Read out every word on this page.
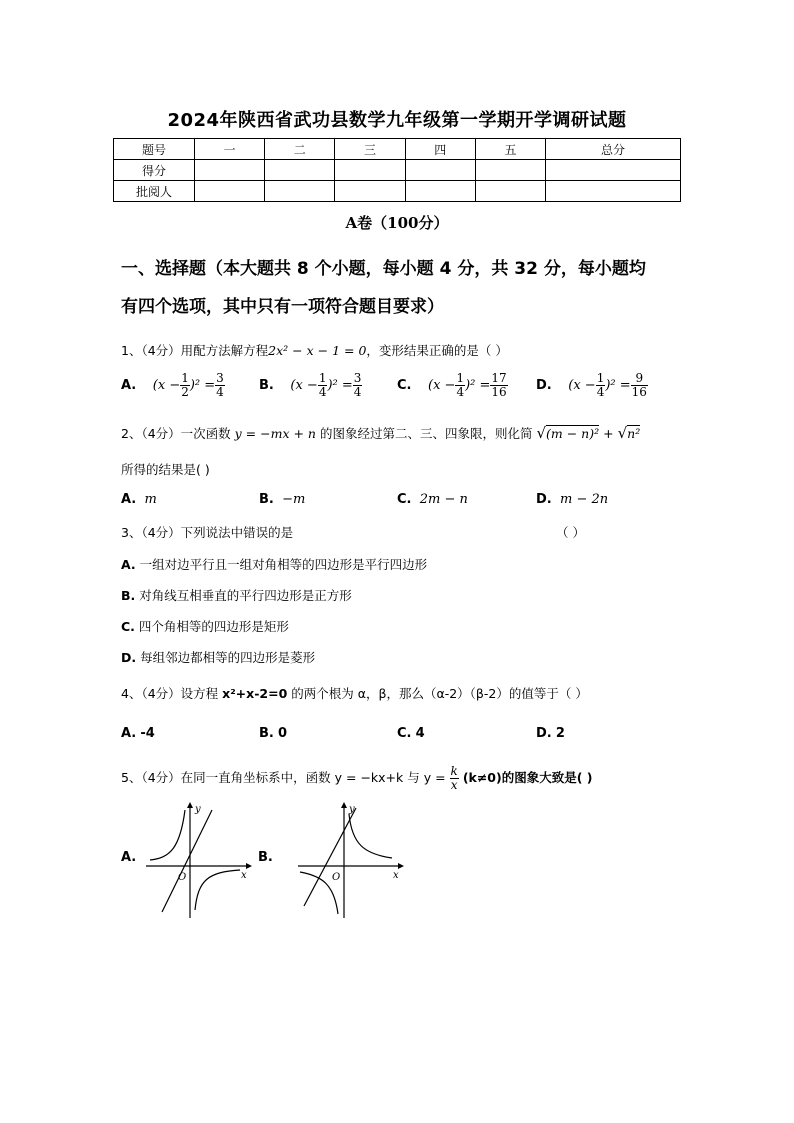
2024年陕西省武功县数学九年级第一学期开学调研试题
题号	一	二	三	四	五	总分
得分						
批阅人						
A卷（100分）
一、选择题（本大题共 8 个小题，每小题 4 分，共 32 分，每小题均
有四个选项，其中只有一项符合题目要求）
1、（4分）用配方法解方程2x² − x − 1 = 0，变形结果正确的是（ ）
A. $(x - \frac{1}{2} )^2 = \frac{3}{4}$	B. $(x - \frac{1}{4} )^2 = \frac{3}{4}$	C. $(x - \frac{1}{4} )^2 = \frac{17}{16} D$. $(x - \frac{1}{4} )^2 = \frac{9}{16}$
2、（4分）一次函数 y = −mx + n 的图象经过第二、三、四象限，则化简 √(m − n)² + √n²
所得的结果是( )
A. m	B. −m	C. 2m − n	D. m − 2n
3、（4分）下列说法中错误的是	（ ）
A. 一组对边平行且一组对角相等的四边形是平行四边形
B. 对角线互相垂直的平行四边形是正方形
C. 四个角相等的四边形是矩形
D. 每组邻边都相等的四边形是菱形
4、（4分）设方程 x²+x-2=0 的两个根为 α，β，那么（α-2）（β-2）的值等于（ ）
A. -4	B. 0	C. 4	D. 2
5、（4分）在同一直角坐标系中，函数 y = −kx+k 与 $y = \frac{k}{x} (k\ne 0)$的图象大致是( )
A.	B.
O	x
y
O	x
y
